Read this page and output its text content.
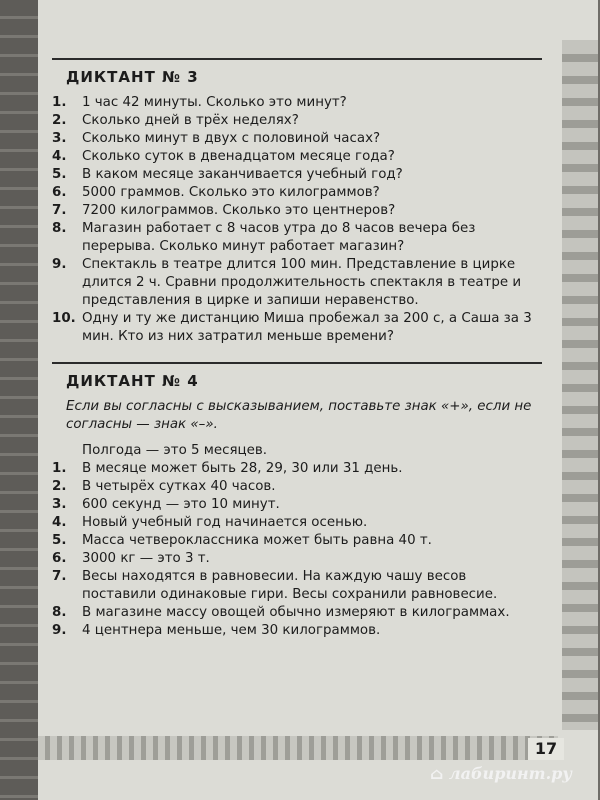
ДИКТАНТ № 3
1.	1 час 42 минуты. Сколько это минут?
2.	Сколько дней в трёх неделях?
3.	Сколько минут в двух с половиной часах?
4.	Сколько суток в двенадцатом месяце года?
5.	В каком месяце заканчивается учебный год?
6.	5000 граммов. Сколько это килограммов?
7.	7200 килограммов. Сколько это центнеров?
8.	Магазин работает с 8 часов утра до 8 часов вечера без перерыва. Сколько минут работает магазин?
9.	Спектакль в театре длится 100 мин. Представление в цирке длится 2 ч. Сравни продолжительность спектакля в театре и представления в цирке и запиши неравенство.
10. Одну и ту же дистанцию Миша пробежал за 200 с, а Саша за 3 мин. Кто из них затратил меньше времени?
ДИКТАНТ № 4
Если вы согласны с высказыванием, поставьте знак «+», если не согласны — знак «–».
Полгода — это 5 месяцев.
1.	В месяце может быть 28, 29, 30 или 31 день.
2.	В четырёх сутках 40 часов.
3.	600 секунд — это 10 минут.
4.	Новый учебный год начинается осенью.
5.	Масса четвероклассника может быть равна 40 т.
6.	3000 кг — это 3 т.
7.	Весы находятся в равновесии. На каждую чашу весов поставили одинаковые гири. Весы сохранили равновесие.
8.	В магазине массу овощей обычно измеряют в килограммах.
9.	4 центнера меньше, чем 30 килограммов.
17
⌂ лабиринт.ру
